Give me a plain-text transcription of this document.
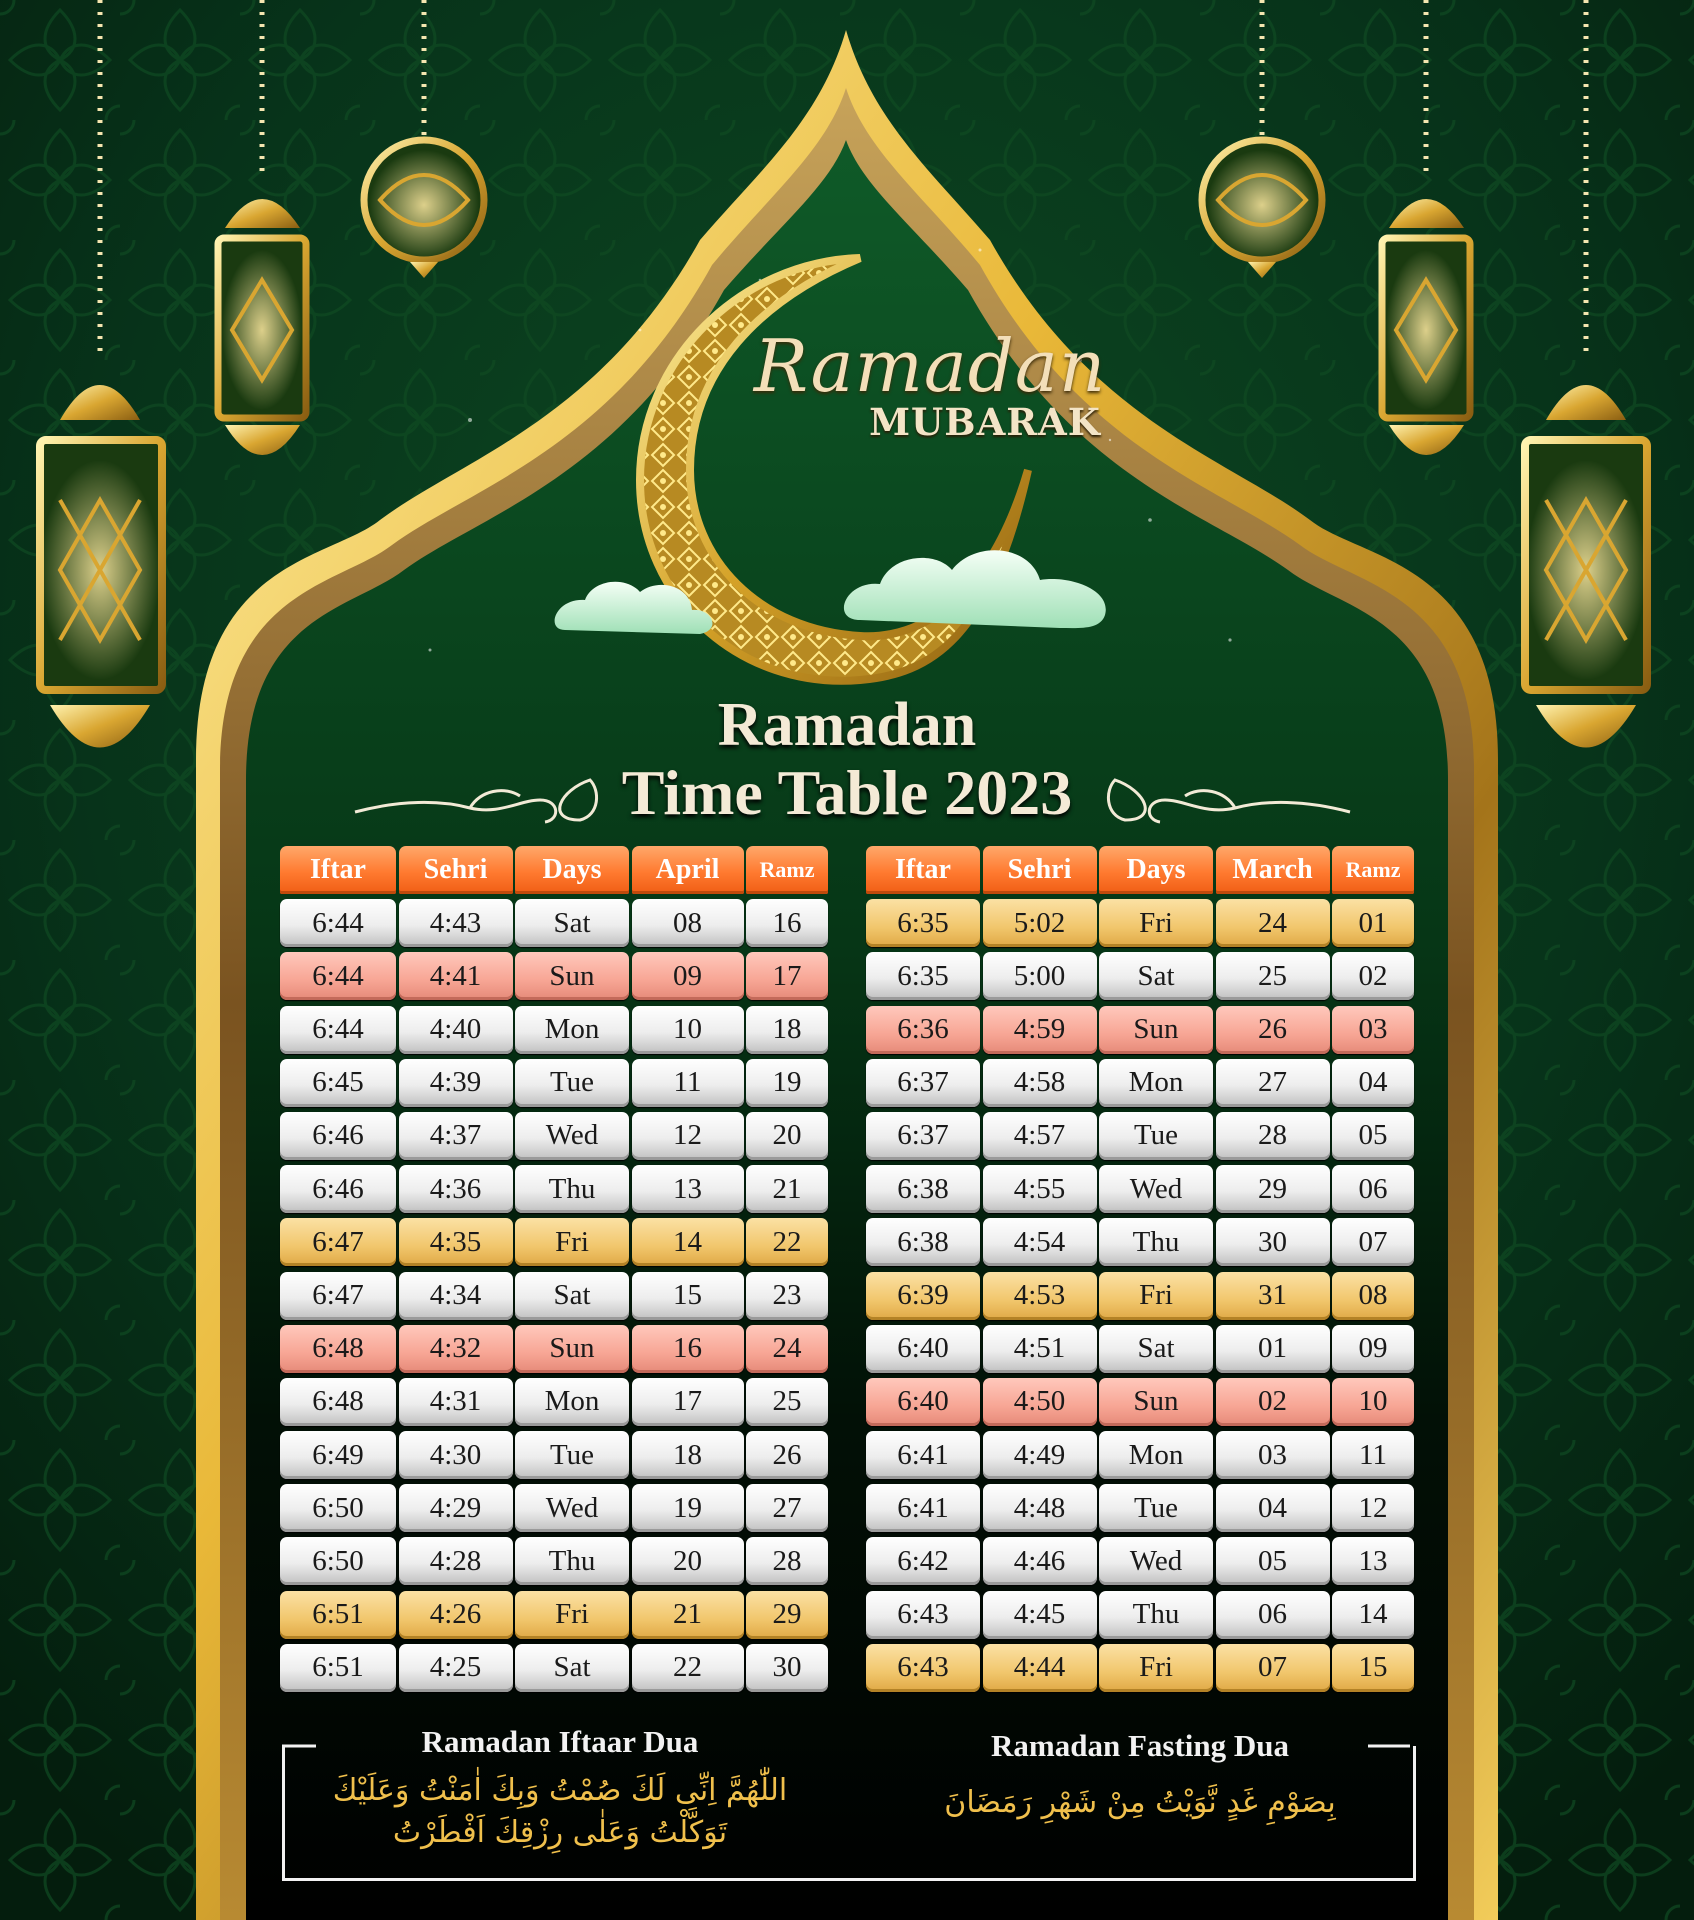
Ramadan
MUBARAK
Ramadan
Time Table 2023
Iftar	Sehri	Days	April	Ramz
6:44	4:43	Sat	08	16
6:44	4:41	Sun	09	17
6:44	4:40	Mon	10	18
6:45	4:39	Tue	11	19
6:46	4:37	Wed	12	20
6:46	4:36	Thu	13	21
6:47	4:35	Fri	14	22
6:47	4:34	Sat	15	23
6:48	4:32	Sun	16	24
6:48	4:31	Mon	17	25
6:49	4:30	Tue	18	26
6:50	4:29	Wed	19	27
6:50	4:28	Thu	20	28
6:51	4:26	Fri	21	29
6:51	4:25	Sat	22	30
Iftar	Sehri	Days	March	Ramz
6:35	5:02	Fri	24	01
6:35	5:00	Sat	25	02
6:36	4:59	Sun	26	03
6:37	4:58	Mon	27	04
6:37	4:57	Tue	28	05
6:38	4:55	Wed	29	06
6:38	4:54	Thu	30	07
6:39	4:53	Fri	31	08
6:40	4:51	Sat	01	09
6:40	4:50	Sun	02	10
6:41	4:49	Mon	03	11
6:41	4:48	Tue	04	12
6:42	4:46	Wed	05	13
6:43	4:45	Thu	06	14
6:43	4:44	Fri	07	15
Ramadan Iftaar Dua
اللّٰهُمَّ اِنِّى لَكَ صُمْتُ وَبِكَ اٰمَنْتُ وَعَلَيْكَ
تَوَكَّلْتُ وَعَلٰى رِزْقِكَ اَفْطَرْتُ
Ramadan Fasting Dua
بِصَوْمِ غَدٍ نَّوَيْتُ مِنْ شَهْرِ رَمَضَانَ
